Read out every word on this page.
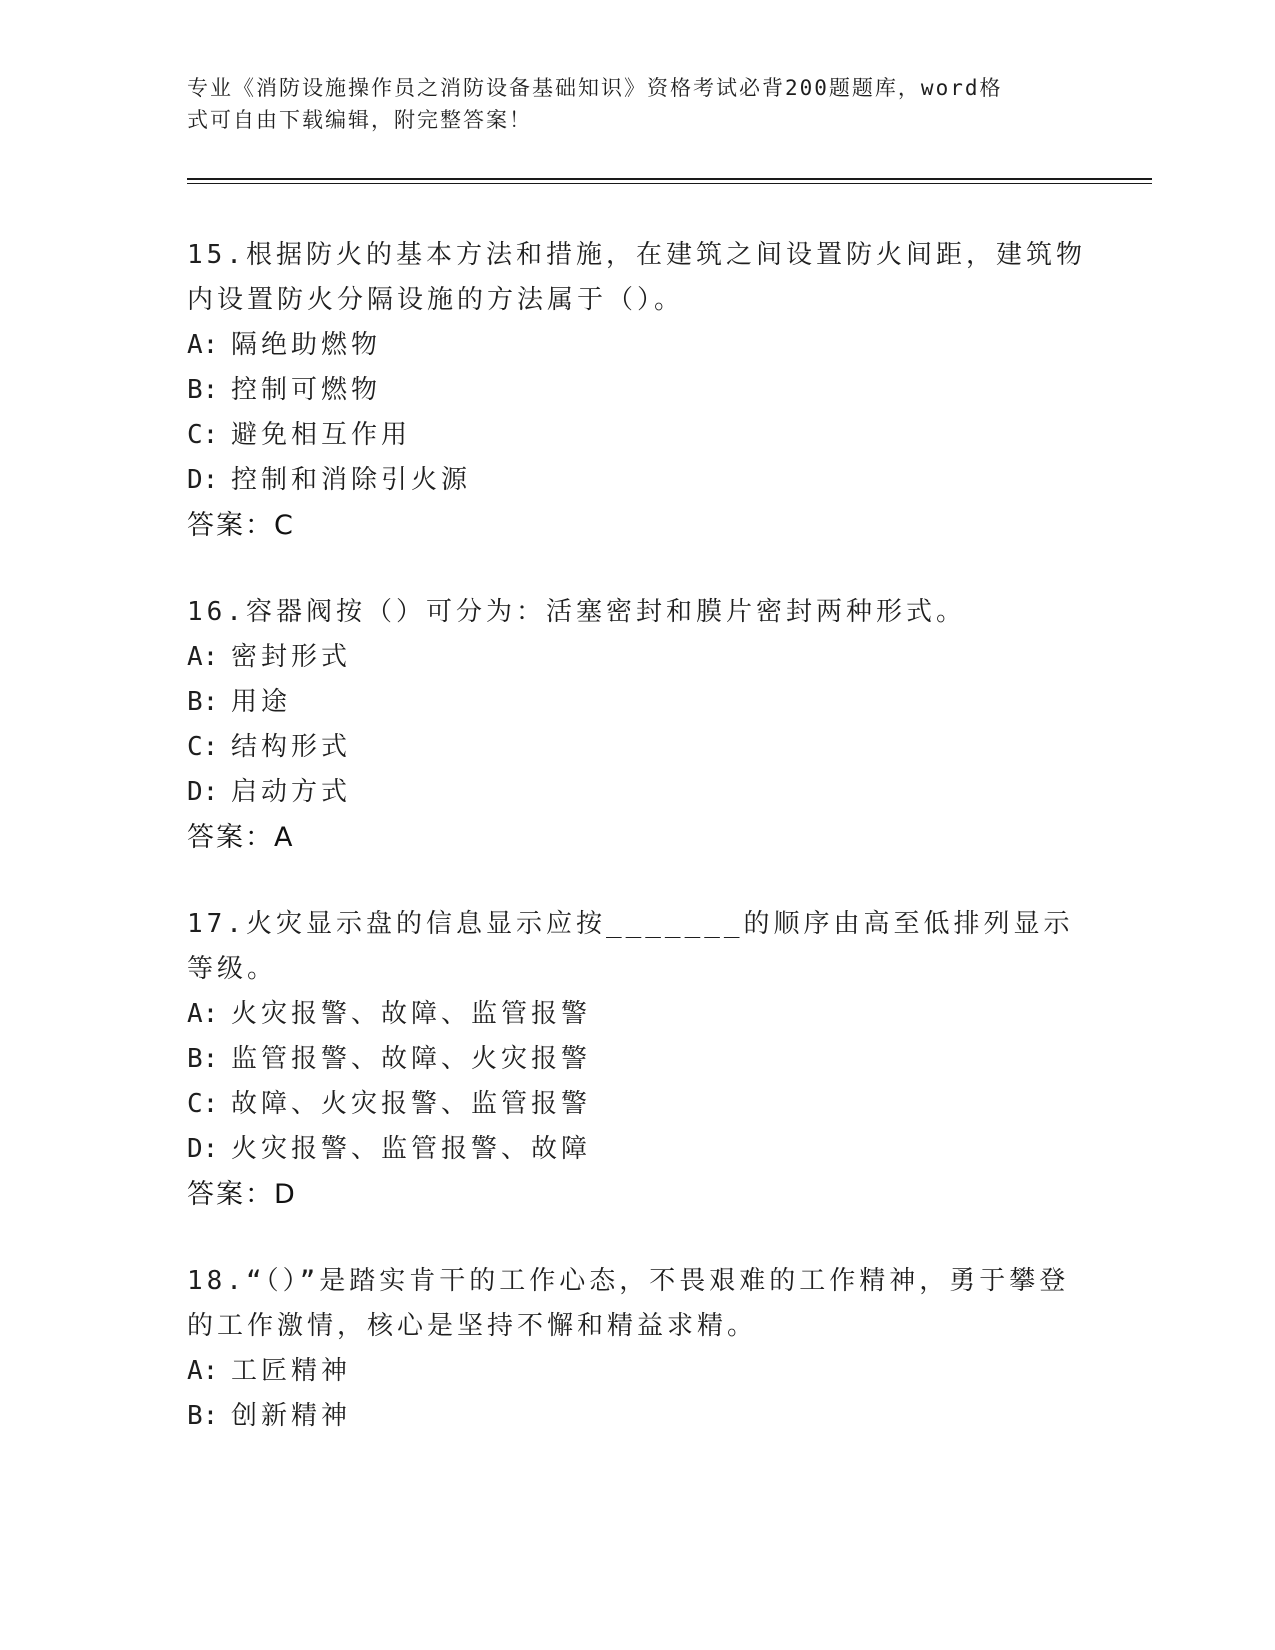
专业《消防设施操作员之消防设备基础知识》资格考试必背200题题库，word格
式可自由下载编辑，附完整答案！

15.根据防火的基本方法和措施，在建筑之间设置防火间距，建筑物内设置防火分隔设施的方法属于（）。

A: 隔绝助燃物
B: 控制可燃物
C: 避免相互作用
D: 控制和消除引火源
答案：C

16.容器阀按（）可分为：活塞密封和膜片密封两种形式。

A: 密封形式
B: 用途
C: 结构形式
D: 启动方式
答案：A

17.火灾显示盘的信息显示应按_______的顺序由高至低排列显示等级。

A: 火灾报警、故障、监管报警
B: 监管报警、故障、火灾报警
C: 故障、火灾报警、监管报警
D: 火灾报警、监管报警、故障
答案：D

18.“（）”是踏实肯干的工作心态，不畏艰难的工作精神，勇于攀登的工作激情，核心是坚持不懈和精益求精。

A: 工匠精神
B: 创新精神
